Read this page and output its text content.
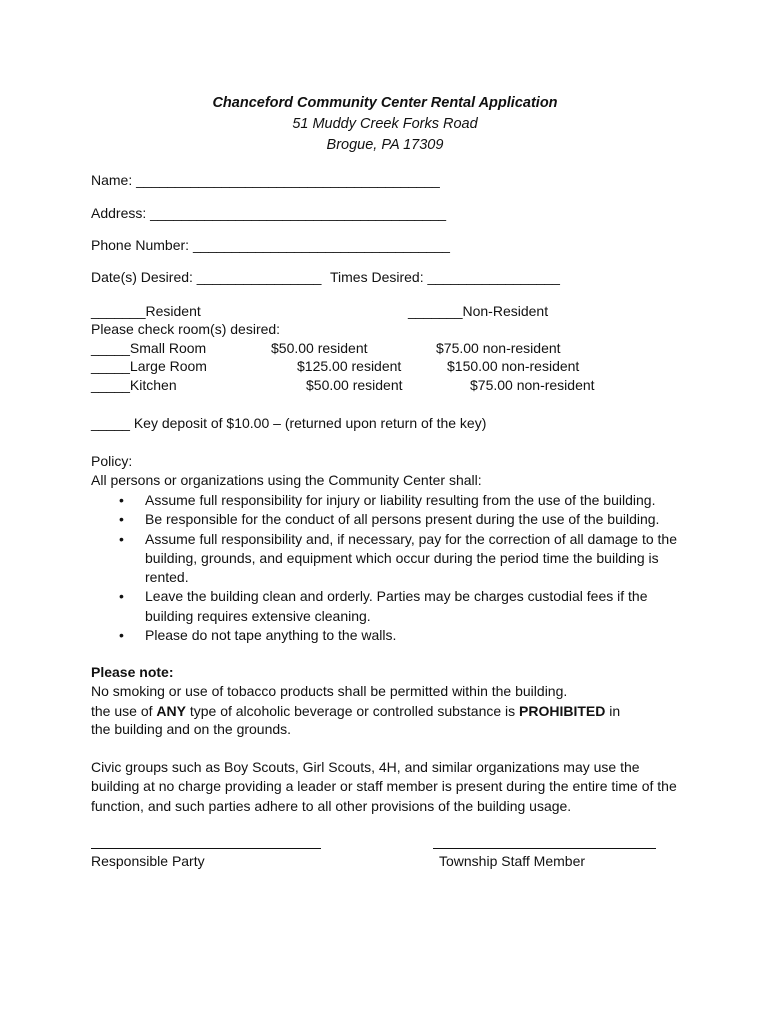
Chanceford Community Center Rental Application
51 Muddy Creek Forks Road
Brogue, PA 17309
Name: _______________________________________
Address: ______________________________________
Phone Number: _________________________________
Date(s) Desired: ________________ Times Desired: _________________
_______Resident	_______Non-Resident
Please check room(s) desired:
_____Small Room	$50.00 resident	$75.00 non-resident
_____Large Room	$125.00 resident	$150.00 non-resident
_____Kitchen	$50.00 resident	$75.00 non-resident
_____ Key deposit of $10.00 – (returned upon return of the key)
Policy:
All persons or organizations using the Community Center shall:
• Assume full responsibility for injury or liability resulting from the use of the building.
• Be responsible for the conduct of all persons present during the use of the building.
• Assume full responsibility and, if necessary, pay for the correction of all damage to the building, grounds, and equipment which occur during the period time the building is rented.
• Leave the building clean and orderly. Parties may be charges custodial fees if the building requires extensive cleaning.
• Please do not tape anything to the walls.
Please note:
No smoking or use of tobacco products shall be permitted within the building.
the use of ANY type of alcoholic beverage or controlled substance is PROHIBITED in
the building and on the grounds.
Civic groups such as Boy Scouts, Girl Scouts, 4H, and similar organizations may use the building at no charge providing a leader or staff member is present during the entire time of the function, and such parties adhere to all other provisions of the building usage.
Responsible Party	Township Staff Member
